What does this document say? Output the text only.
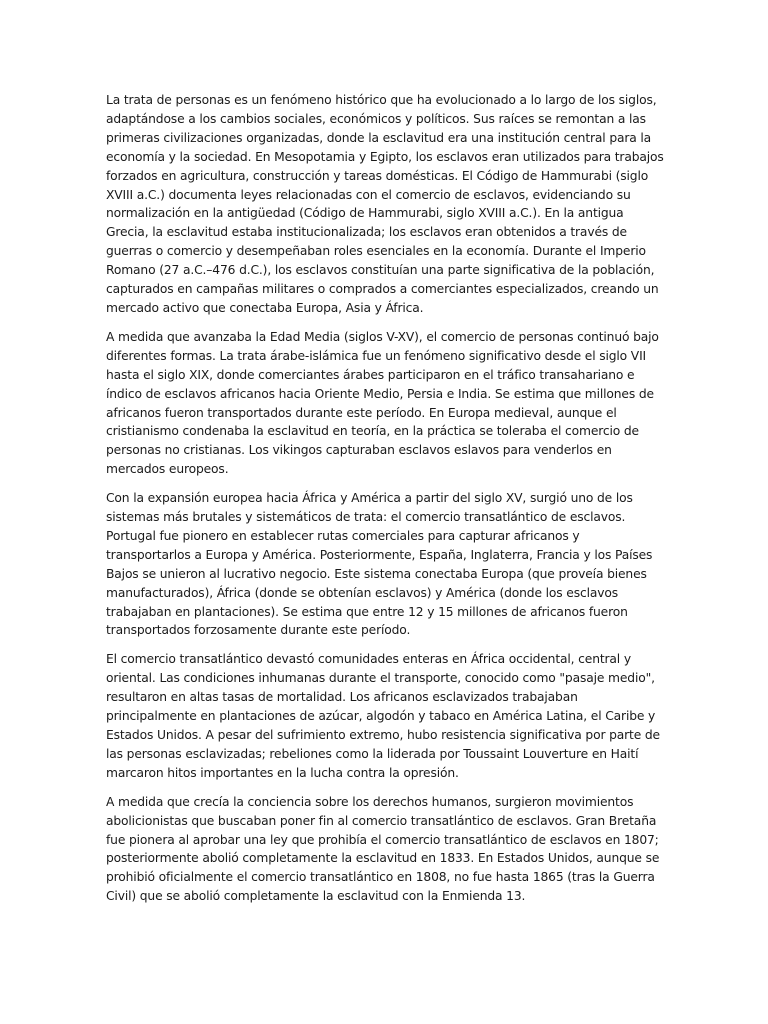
La trata de personas es un fenómeno histórico que ha evolucionado a lo largo de los siglos, adaptándose a los cambios sociales, económicos y políticos. Sus raíces se remontan a las primeras civilizaciones organizadas, donde la esclavitud era una institución central para la economía y la sociedad. En Mesopotamia y Egipto, los esclavos eran utilizados para trabajos forzados en agricultura, construcción y tareas domésticas. El Código de Hammurabi (siglo XVIII a.C.) documenta leyes relacionadas con el comercio de esclavos, evidenciando su normalización en la antigüedad (Código de Hammurabi, siglo XVIII a.C.). En la antigua Grecia, la esclavitud estaba institucionalizada; los esclavos eran obtenidos a través de guerras o comercio y desempeñaban roles esenciales en la economía. Durante el Imperio Romano (27 a.C.–476 d.C.), los esclavos constituían una parte significativa de la población, capturados en campañas militares o comprados a comerciantes especializados, creando un mercado activo que conectaba Europa, Asia y África.

A medida que avanzaba la Edad Media (siglos V-XV), el comercio de personas continuó bajo diferentes formas. La trata árabe-islámica fue un fenómeno significativo desde el siglo VII hasta el siglo XIX, donde comerciantes árabes participaron en el tráfico transahariano e índico de esclavos africanos hacia Oriente Medio, Persia e India. Se estima que millones de africanos fueron transportados durante este período. En Europa medieval, aunque el cristianismo condenaba la esclavitud en teoría, en la práctica se toleraba el comercio de personas no cristianas. Los vikingos capturaban esclavos eslavos para venderlos en mercados europeos.

Con la expansión europea hacia África y América a partir del siglo XV, surgió uno de los sistemas más brutales y sistemáticos de trata: el comercio transatlántico de esclavos. Portugal fue pionero en establecer rutas comerciales para capturar africanos y transportarlos a Europa y América. Posteriormente, España, Inglaterra, Francia y los Países Bajos se unieron al lucrativo negocio. Este sistema conectaba Europa (que proveía bienes manufacturados), África (donde se obtenían esclavos) y América (donde los esclavos trabajaban en plantaciones). Se estima que entre 12 y 15 millones de africanos fueron transportados forzosamente durante este período.

El comercio transatlántico devastó comunidades enteras en África occidental, central y oriental. Las condiciones inhumanas durante el transporte, conocido como "pasaje medio", resultaron en altas tasas de mortalidad. Los africanos esclavizados trabajaban principalmente en plantaciones de azúcar, algodón y tabaco en América Latina, el Caribe y Estados Unidos. A pesar del sufrimiento extremo, hubo resistencia significativa por parte de las personas esclavizadas; rebeliones como la liderada por Toussaint Louverture en Haití marcaron hitos importantes en la lucha contra la opresión.

A medida que crecía la conciencia sobre los derechos humanos, surgieron movimientos abolicionistas que buscaban poner fin al comercio transatlántico de esclavos. Gran Bretaña fue pionera al aprobar una ley que prohibía el comercio transatlántico de esclavos en 1807; posteriormente abolió completamente la esclavitud en 1833. En Estados Unidos, aunque se prohibió oficialmente el comercio transatlántico en 1808, no fue hasta 1865 (tras la Guerra Civil) que se abolió completamente la esclavitud con la Enmienda 13.
